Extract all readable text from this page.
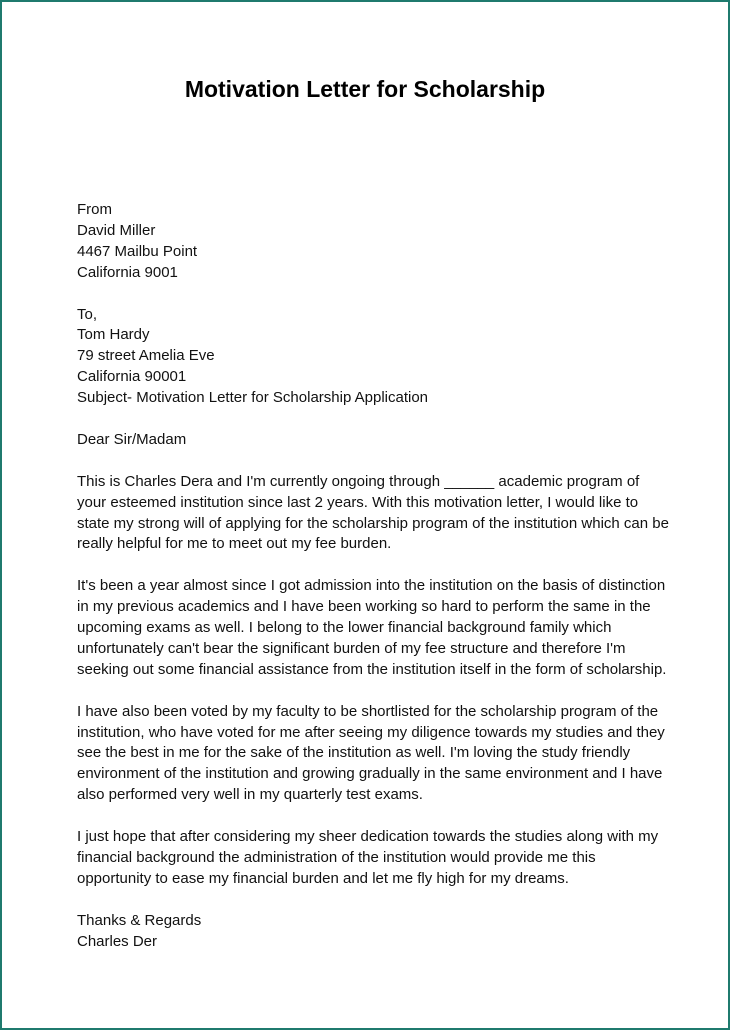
Motivation Letter for Scholarship
From
David Miller
4467 Mailbu Point
California 9001
To,
Tom Hardy
79 street Amelia Eve
California 90001
Subject- Motivation Letter for Scholarship Application
Dear Sir/Madam

This is Charles Dera and I'm currently ongoing through ______ academic program of
your esteemed institution since last 2 years. With this motivation letter, I would like to
state my strong will of applying for the scholarship program of the institution which can be
really helpful for me to meet out my fee burden.

It's been a year almost since I got admission into the institution on the basis of distinction
in my previous academics and I have been working so hard to perform the same in the
upcoming exams as well. I belong to the lower financial background family which
unfortunately can't bear the significant burden of my fee structure and therefore I'm
seeking out some financial assistance from the institution itself in the form of scholarship.

I have also been voted by my faculty to be shortlisted for the scholarship program of the
institution, who have voted for me after seeing my diligence towards my studies and they
see the best in me for the sake of the institution as well. I'm loving the study friendly
environment of the institution and growing gradually in the same environment and I have
also performed very well in my quarterly test exams.

I just hope that after considering my sheer dedication towards the studies along with my
financial background the administration of the institution would provide me this
opportunity to ease my financial burden and let me fly high for my dreams.

Thanks & Regards
Charles Der
